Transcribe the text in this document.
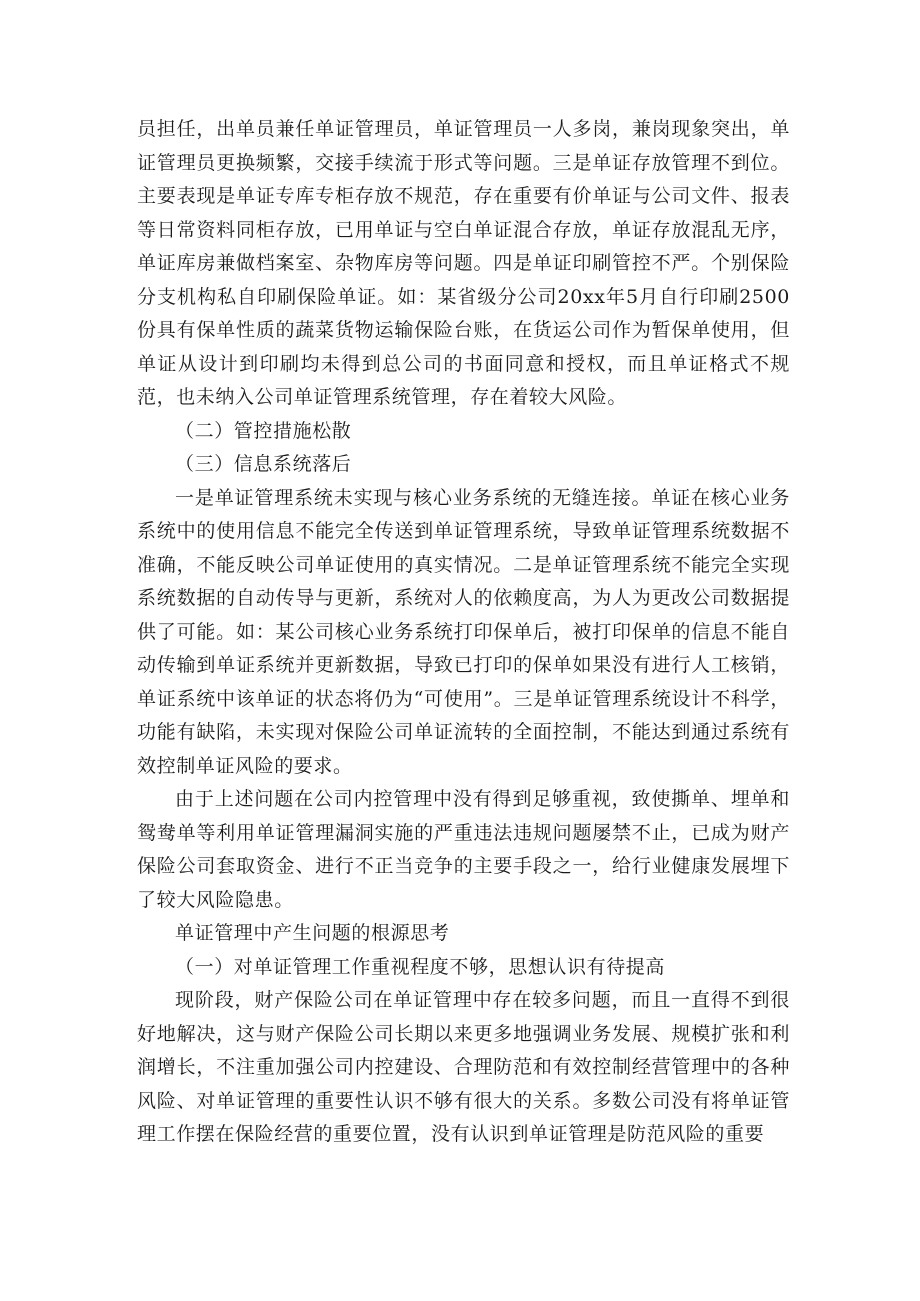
员担任，出单员兼任单证管理员，单证管理员一人多岗，兼岗现象突出，单证管理员更换频繁，交接手续流于形式等问题。三是单证存放管理不到位。主要表现是单证专库专柜存放不规范，存在重要有价单证与公司文件、报表等日常资料同柜存放，已用单证与空白单证混合存放，单证存放混乱无序，单证库房兼做档案室、杂物库房等问题。四是单证印刷管控不严。个别保险分支机构私自印刷保险单证。如：某省级分公司20xx年5月自行印刷2500份具有保单性质的蔬菜货物运输保险台账，在货运公司作为暂保单使用，但单证从设计到印刷均未得到总公司的书面同意和授权，而且单证格式不规范，也未纳入公司单证管理系统管理，存在着较大风险。

（二）管控措施松散

（三）信息系统落后

一是单证管理系统未实现与核心业务系统的无缝连接。单证在核心业务系统中的使用信息不能完全传送到单证管理系统，导致单证管理系统数据不准确，不能反映公司单证使用的真实情况。二是单证管理系统不能完全实现系统数据的自动传导与更新，系统对人的依赖度高，为人为更改公司数据提供了可能。如：某公司核心业务系统打印保单后，被打印保单的信息不能自动传输到单证系统并更新数据，导致已打印的保单如果没有进行人工核销，单证系统中该单证的状态将仍为“可使用”。三是单证管理系统设计不科学，功能有缺陷，未实现对保险公司单证流转的全面控制，不能达到通过系统有效控制单证风险的要求。

由于上述问题在公司内控管理中没有得到足够重视，致使撕单、埋单和鸳鸯单等利用单证管理漏洞实施的严重违法违规问题屡禁不止，已成为财产保险公司套取资金、进行不正当竞争的主要手段之一，给行业健康发展埋下了较大风险隐患。

单证管理中产生问题的根源思考

（一）对单证管理工作重视程度不够，思想认识有待提高

现阶段，财产保险公司在单证管理中存在较多问题，而且一直得不到很好地解决，这与财产保险公司长期以来更多地强调业务发展、规模扩张和利润增长，不注重加强公司内控建设、合理防范和有效控制经营管理中的各种风险、对单证管理的重要性认识不够有很大的关系。多数公司没有将单证管理工作摆在保险经营的重要位置，没有认识到单证管理是防范风险的重要
